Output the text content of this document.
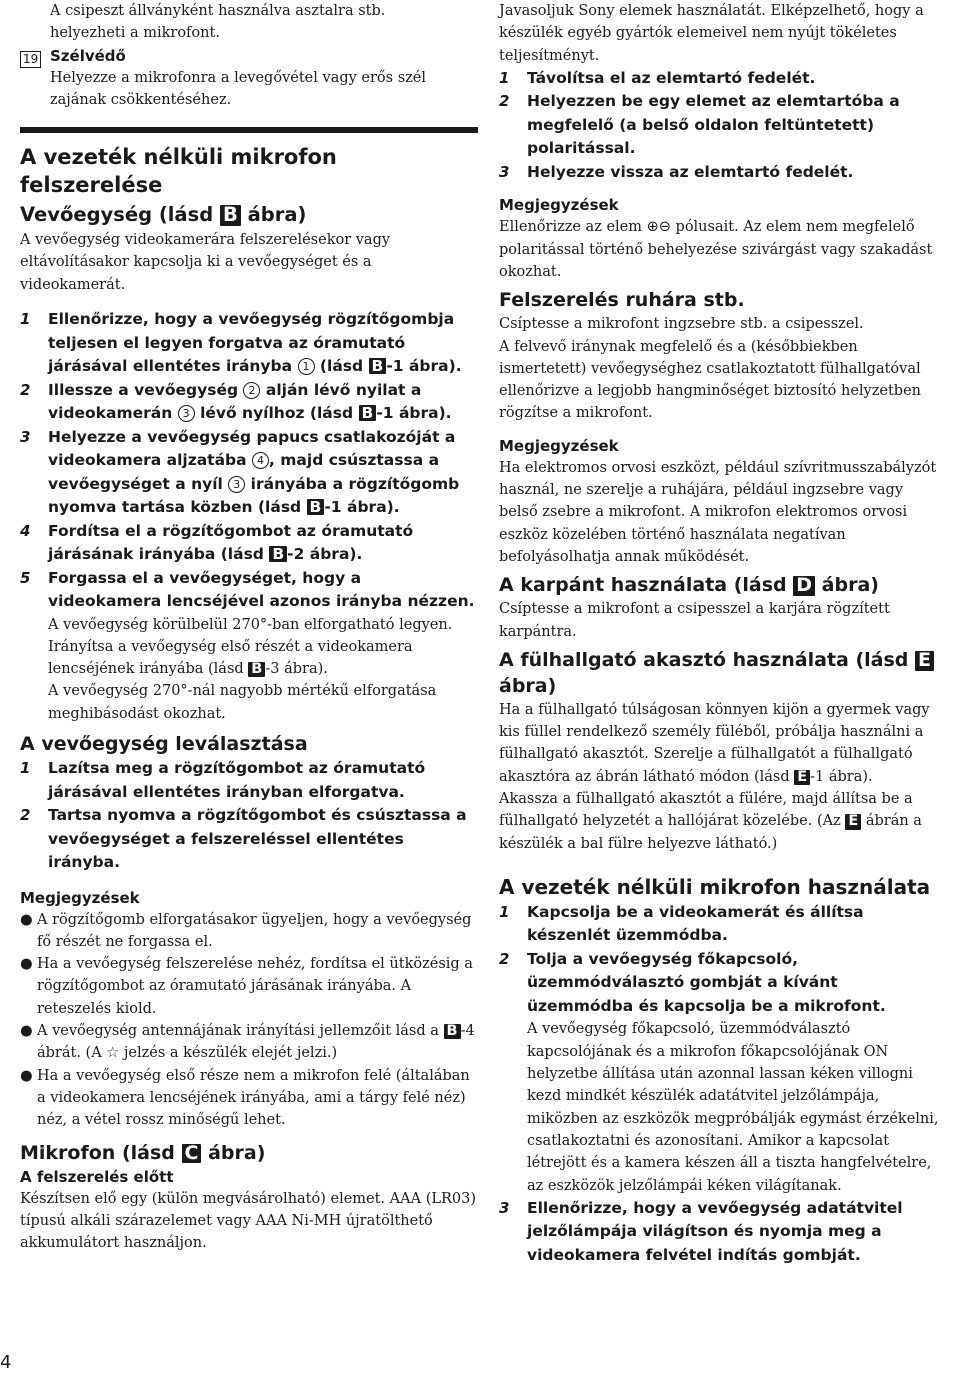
A csipeszt állványként használva asztalra stb.
helyezheti a mikrofont.
19 Szélvédő
Helyezze a mikrofonra a levegővétel vagy erős szél zajának csökkentéséhez.
A vezeték nélküli mikrofon felszerelése
Vevőegység (lásd B ábra)
A vevőegység videokamerára felszerelésekor vagy eltávolításakor kapcsolja ki a vevőegységet és a videokamerát.
1	Ellenőrizze, hogy a vevőegység rögzítőgombja teljesen el legyen forgatva az óramutató járásával ellentétes irányba 1 (lásd B -1 ábra).
2	Illessze a vevőegység 2 alján lévő nyilat a videokamerán 3 lévő nyílhoz (lásd B -1 ábra).
3	Helyezze a vevőegység papucs csatlakozóját a videokamera aljzatába 4 , majd csúsztassa a vevőegységet a nyíl 3 irányába a rögzítőgomb nyomva tartása közben (lásd B -1 ábra).
4	Fordítsa el a rögzítőgombot az óramutató járásának irányába (lásd B -2 ábra).
5	Forgassa el a vevőegységet, hogy a videokamera lencséjével azonos irányba nézzen.
A vevőegység körülbelül 270°-ban elforgatható legyen. Irányítsa a vevőegység első részét a videokamera lencséjének irányába (lásd B -3 ábra).
A vevőegység 270°-nál nagyobb mértékű elforgatása meghibásodást okozhat.
A vevőegység leválasztása
1	Lazítsa meg a rögzítőgombot az óramutató járásával ellentétes irányban elforgatva.
2	Tartsa nyomva a rögzítőgombot és csúsztassa a vevőegységet a felszereléssel ellentétes irányba.
Megjegyzések
● A rögzítőgomb elforgatásakor ügyeljen, hogy a vevőegység fő részét ne forgassa el.
● Ha a vevőegység felszerelése nehéz, fordítsa el ütközésig a rögzítőgombot az óramutató járásának irányába. A reteszelés kiold.
● A vevőegység antennájának irányítási jellemzőit lásd a B -4 ábrát. (A ☆ jelzés a készülék elejét jelzi.)
● Ha a vevőegység első része nem a mikrofon felé (általában a videokamera lencséjének irányába, ami a tárgy felé néz) néz, a vétel rossz minőségű lehet.
Mikrofon (lásd C ábra)
A felszerelés előtt
Készítsen elő egy (külön megvásárolható) elemet. AAA (LR03) típusú alkáli szárazelemet vagy AAA Ni-MH újratölthető akkumulátort használjon.
4
Javasoljuk Sony elemek használatát. Elképzelhető, hogy a készülék egyéb gyártók elemeivel nem nyújt tökéletes teljesítményt.
1	Távolítsa el az elemtartó fedelét.
2	Helyezzen be egy elemet az elemtartóba a megfelelő (a belső oldalon feltüntetett) polaritással.
3	Helyezze vissza az elemtartó fedelét.
Megjegyzések
Ellenőrizze az elem ⊕⊖ pólusait. Az elem nem megfelelő polaritással történő behelyezése szivárgást vagy szakadást okozhat.
Felszerelés ruhára stb.
Csíptesse a mikrofont ingzsebre stb. a csipesszel.
A felvevő iránynak megfelelő és a (későbbiekben ismertetett) vevőegységhez csatlakoztatott fülhallgatóval ellenőrizve a legjobb hangminőséget biztosító helyzetben rögzítse a mikrofont.
Megjegyzések
Ha elektromos orvosi eszközt, például szívritmusszabályzót használ, ne szerelje a ruhájára, például ingzsebre vagy belső zsebre a mikrofont. A mikrofon elektromos orvosi eszköz közelében történő használata negatívan befolyásolhatja annak működését.
A karpánt használata (lásd D ábra)
Csíptesse a mikrofont a csipesszel a karjára rögzített karpántra.
A fülhallgató akasztó használata (lásd E ábra)
Ha a fülhallgató túlságosan könnyen kijön a gyermek vagy kis füllel rendelkező személy füléből, próbálja használni a fülhallgató akasztót. Szerelje a fülhallgatót a fülhallgató akasztóra az ábrán látható módon (lásd E -1 ábra).
Akassza a fülhallgató akasztót a fülére, majd állítsa be a fülhallgató helyzetét a hallójárat közelébe. (Az E ábrán a készülék a bal fülre helyezve látható.)
A vezeték nélküli mikrofon használata
1	Kapcsolja be a videokamerát és állítsa készenlét üzemmódba.
2	Tolja a vevőegység főkapcsoló, üzemmódválasztó gombját a kívánt üzemmódba és kapcsolja be a mikrofont.
A vevőegység főkapcsoló, üzemmódválasztó kapcsolójának és a mikrofon főkapcsolójának ON helyzetbe állítása után azonnal lassan kéken villogni kezd mindkét készülék adatátvitel jelzőlámpája, miközben az eszközök megpróbálják egymást érzékelni, csatlakoztatni és azonosítani. Amikor a kapcsolat létrejött és a kamera készen áll a tiszta hangfelvételre, az eszközök jelzőlámpái kéken világítanak.
3	Ellenőrizze, hogy a vevőegység adatátvitel jelzőlámpája világítson és nyomja meg a videokamera felvétel indítás gombját.
